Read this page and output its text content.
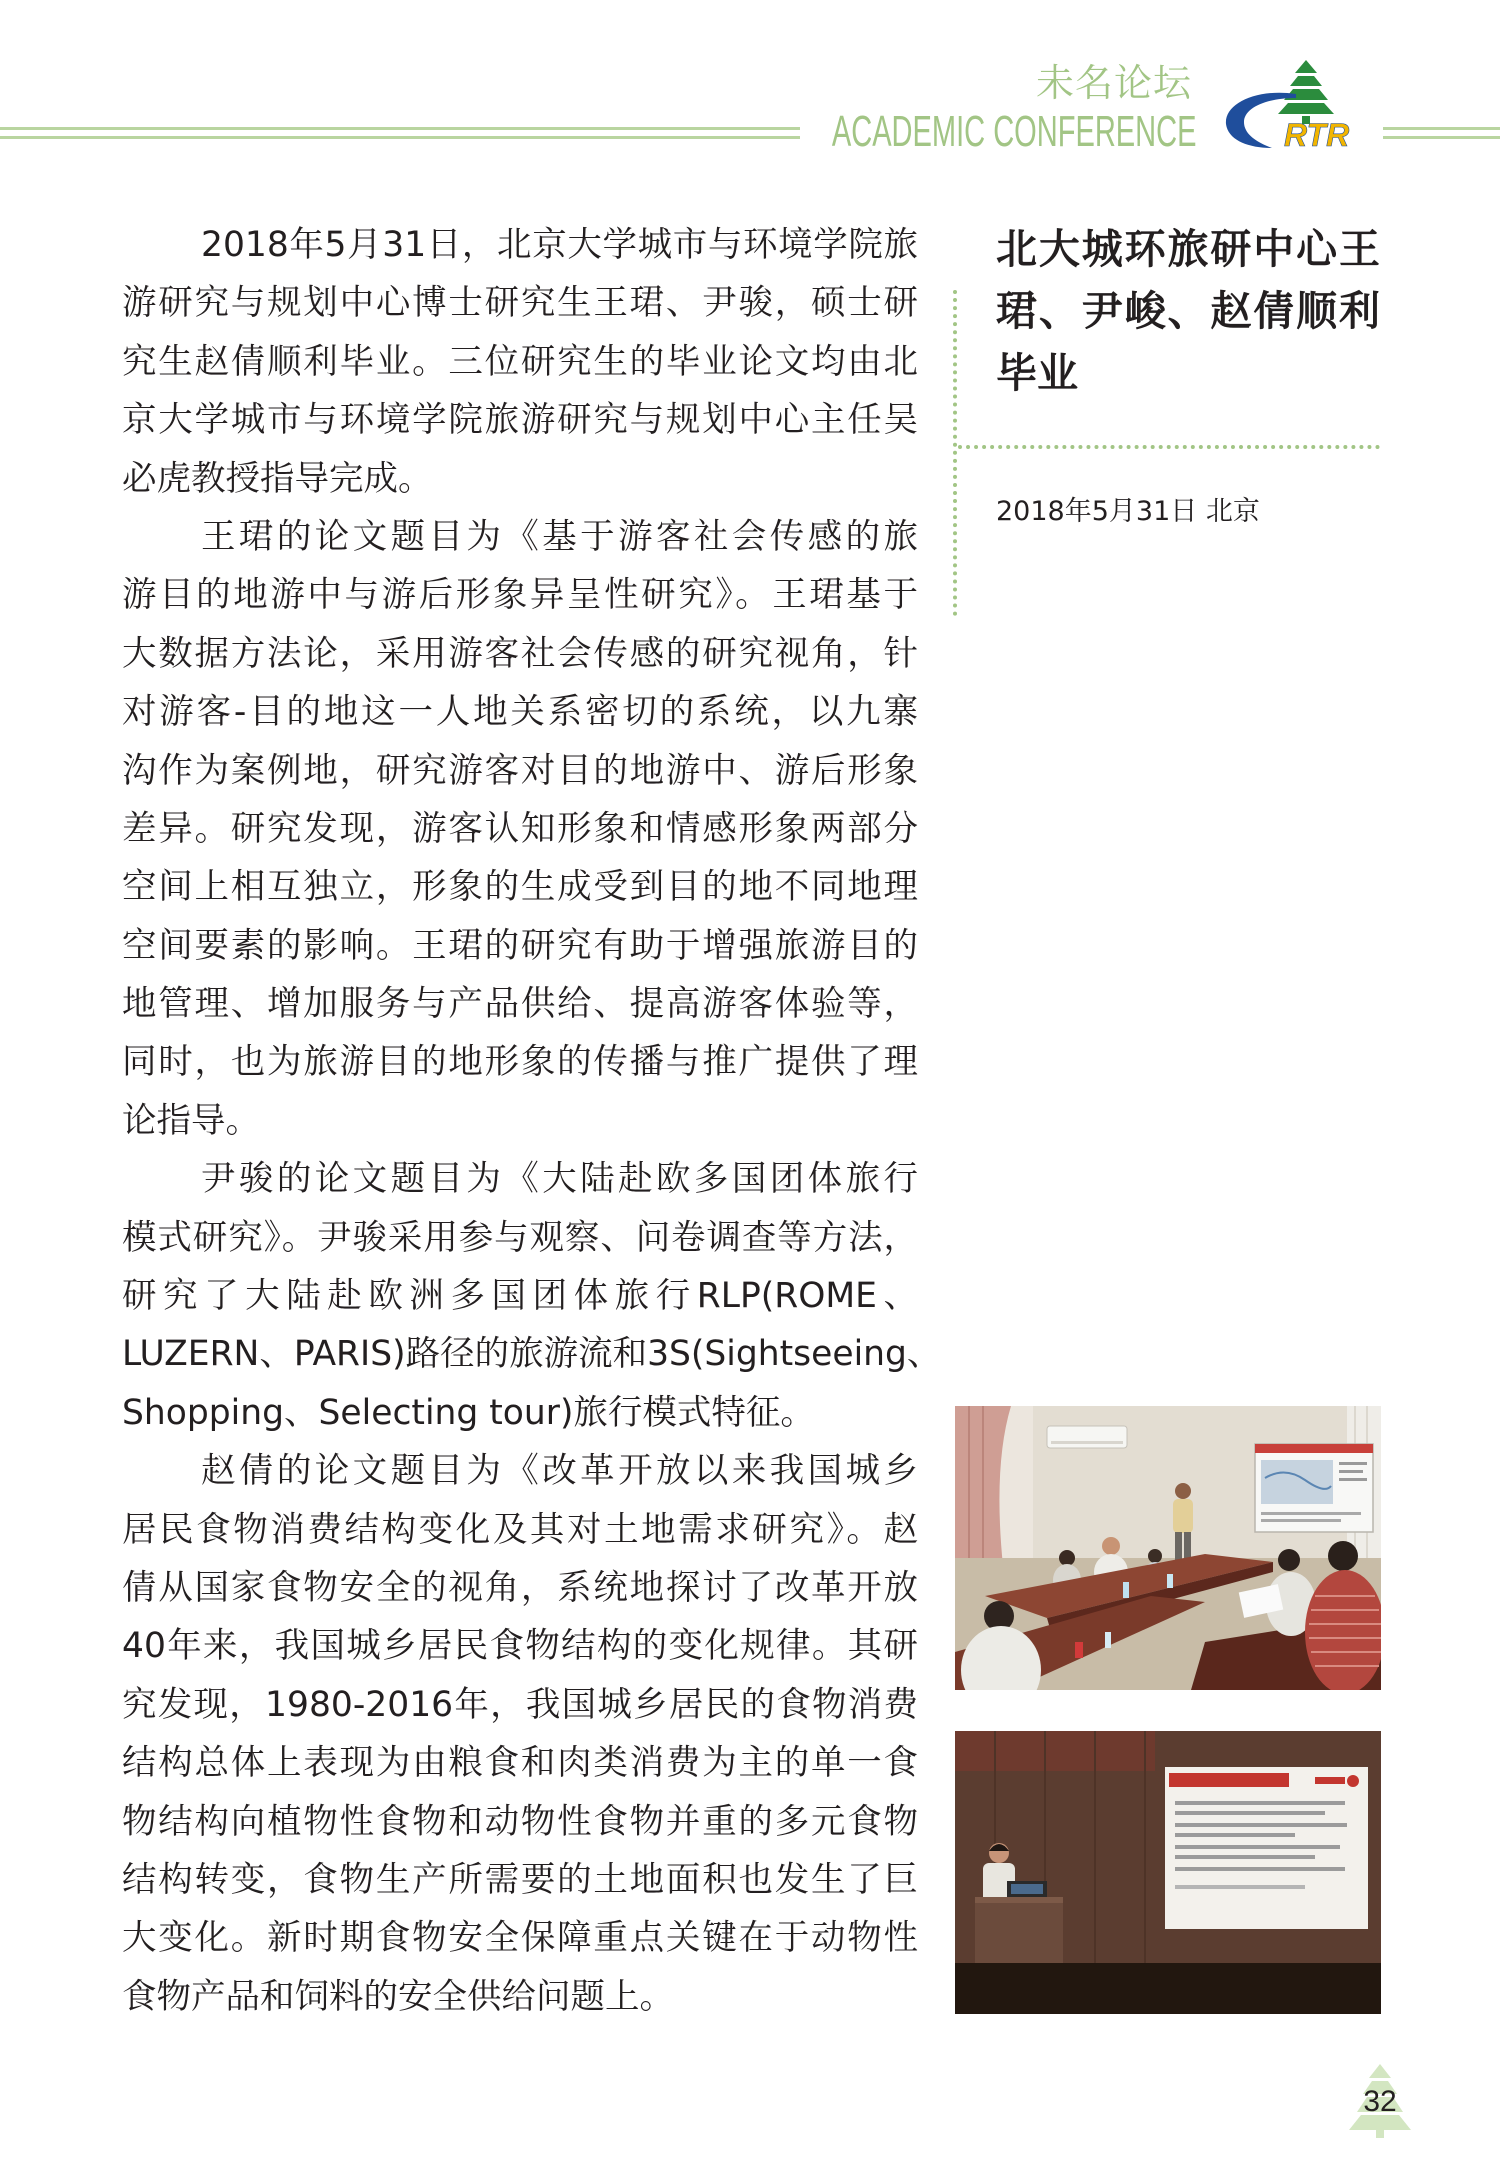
未名论坛
ACADEMIC CONFERENCE	RTR
2018年5月31日，北京大学城市与环境学院旅
游研究与规划中心博士研究生王珺、尹骏，硕士研
究生赵倩顺利毕业。三位研究生的毕业论文均由北
京大学城市与环境学院旅游研究与规划中心主任吴
必虎教授指导完成。
王珺的论文题目为《基于游客社会传感的旅
游目的地游中与游后形象异呈性研究》。王珺基于
大数据方法论，采用游客社会传感的研究视角，针
对游客-目的地这一人地关系密切的系统，以九寨
沟作为案例地，研究游客对目的地游中、游后形象
差异。研究发现，游客认知形象和情感形象两部分
空间上相互独立，形象的生成受到目的地不同地理
空间要素的影响。王珺的研究有助于增强旅游目的
地管理、增加服务与产品供给、提高游客体验等，
同时，也为旅游目的地形象的传播与推广提供了理
论指导。
尹骏的论文题目为《大陆赴欧多国团体旅行
模式研究》。尹骏采用参与观察、问卷调查等方法，
研究了大陆赴欧洲多国团体旅行RLP(ROME、
LUZERN、PARIS)路径的旅游流和3S(Sightseeing、
Shopping、Selecting tour)旅行模式特征。
赵倩的论文题目为《改革开放以来我国城乡
居民食物消费结构变化及其对土地需求研究》。赵
倩从国家食物安全的视角，系统地探讨了改革开放
40年来，我国城乡居民食物结构的变化规律。其研
究发现，1980-2016年，我国城乡居民的食物消费
结构总体上表现为由粮食和肉类消费为主的单一食
物结构向植物性食物和动物性食物并重的多元食物
结构转变，食物生产所需要的土地面积也发生了巨
大变化。新时期食物安全保障重点关键在于动物性
食物产品和饲料的安全供给问题上。
北大城环旅研中心王
珺、尹峻、赵倩顺利
毕业
2018年5月31日 北京
32
